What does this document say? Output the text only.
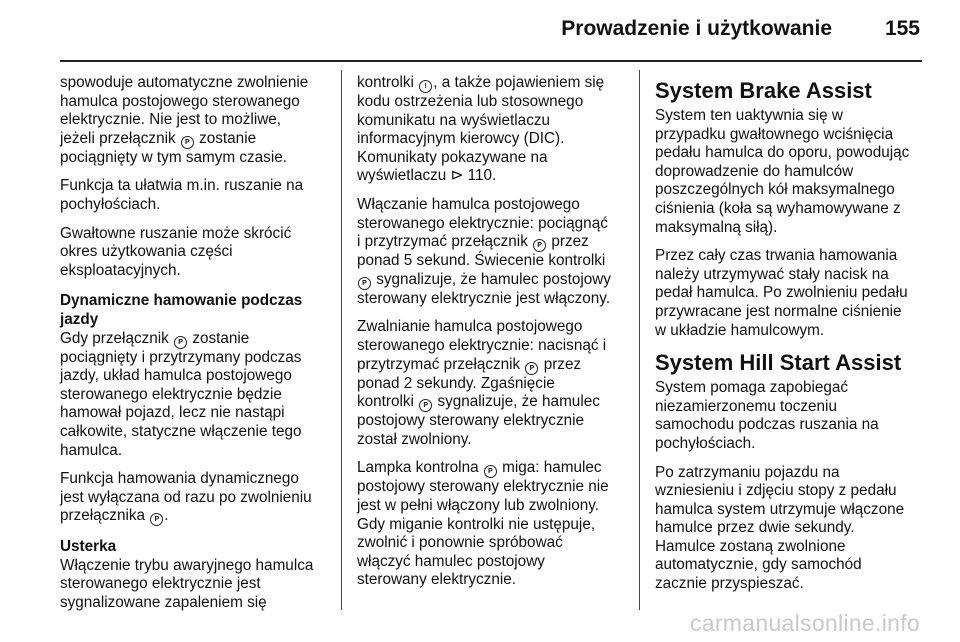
Prowadzenie i użytkowanie	155

spowoduje automatyczne zwolnienie
hamulca postojowego sterowanego
elektrycznie. Nie jest to możliwe,
jeżeli przełącznik P zostanie
pociągnięty w tym samym czasie.

Funkcja ta ułatwia m.in. ruszanie na
pochyłościach.

Gwałtowne ruszanie może skrócić
okres użytkowania części
eksploatacyjnych.

Dynamiczne hamowanie podczas
jazdy

Gdy przełącznik P zostanie
pociągnięty i przytrzymany podczas
jazdy, układ hamulca postojowego
sterowanego elektrycznie będzie
hamował pojazd, lecz nie nastąpi
całkowite, statyczne włączenie tego
hamulca.

Funkcja hamowania dynamicznego
jest wyłączana od razu po zwolnieniu
przełącznika P .

Usterka

Włączenie trybu awaryjnego hamulca
sterowanego elektrycznie jest
sygnalizowane zapaleniem się

kontrolki ! , a także pojawieniem się
kodu ostrzeżenia lub stosownego
komunikatu na wyświetlaczu
informacyjnym kierowcy (DIC).
Komunikaty pokazywane na
wyświetlaczu ⊳ 110.

Włączanie hamulca postojowego
sterowanego elektrycznie: pociągnąć
i przytrzymać przełącznik P przez
ponad 5 sekund. Świecenie kontrolki
P sygnalizuje, że hamulec postojowy
sterowany elektrycznie jest włączony.

Zwalnianie hamulca postojowego
sterowanego elektrycznie: nacisnąć i
przytrzymać przełącznik P przez
ponad 2 sekundy. Zgaśnięcie
kontrolki P sygnalizuje, że hamulec
postojowy sterowany elektrycznie
został zwolniony.

Lampka kontrolna P miga: hamulec
postojowy sterowany elektrycznie nie
jest w pełni włączony lub zwolniony.
Gdy miganie kontrolki nie ustępuje,
zwolnić i ponownie spróbować
włączyć hamulec postojowy
sterowany elektrycznie.

System Brake Assist

System ten uaktywnia się w
przypadku gwałtownego wciśnięcia
pedału hamulca do oporu, powodując
doprowadzenie do hamulców
poszczególnych kół maksymalnego
ciśnienia (koła są wyhamowywane z
maksymalną siłą).

Przez cały czas trwania hamowania
należy utrzymywać stały nacisk na
pedał hamulca. Po zwolnieniu pedału
przywracane jest normalne ciśnienie
w układzie hamulcowym.

System Hill Start Assist

System pomaga zapobiegać
niezamierzonemu toczeniu
samochodu podczas ruszania na
pochyłościach.

Po zatrzymaniu pojazdu na
wzniesieniu i zdjęciu stopy z pedału
hamulca system utrzymuje włączone
hamulce przez dwie sekundy.
Hamulce zostaną zwolnione
automatycznie, gdy samochód
zacznie przyspieszać.

carmanualsonline.info
